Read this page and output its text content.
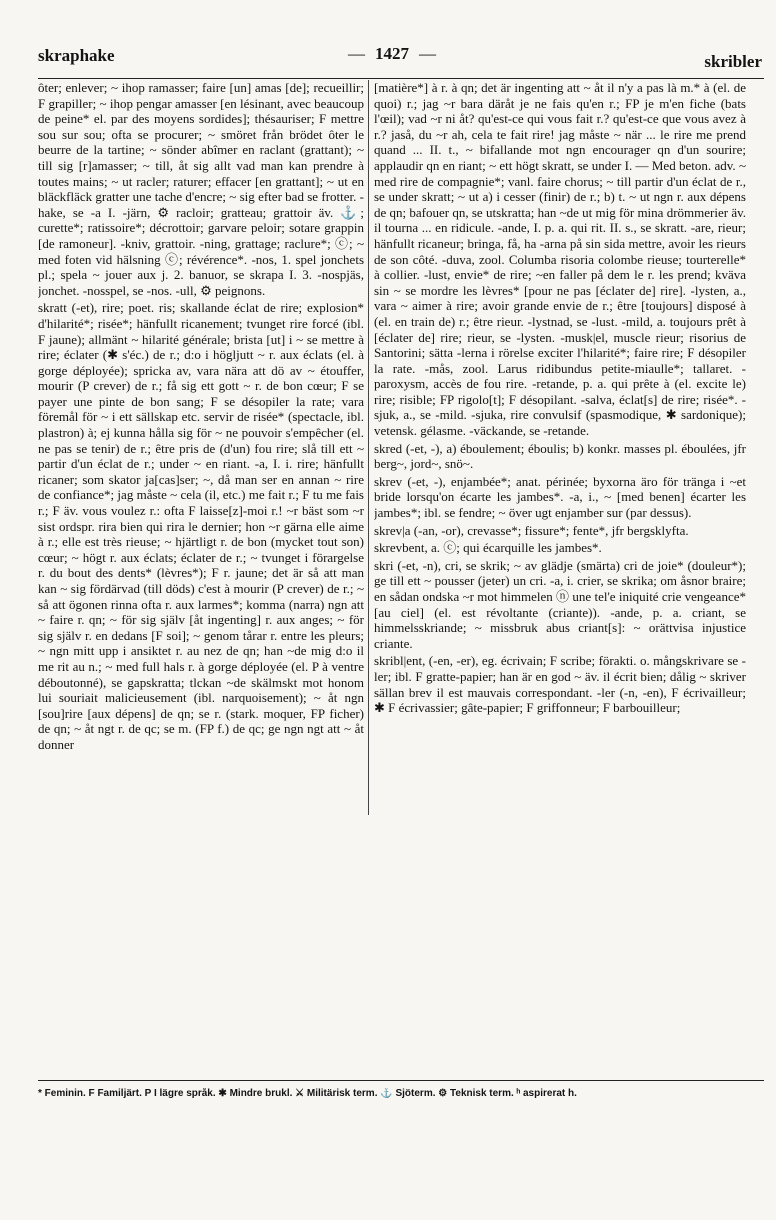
skraphake	— 1427 —	skribler

ôter; enlever; ~ ihop ramasser; faire [un] amas [de]; recueillir; F grapiller; ~ ihop pengar amasser [en lésinant, avec beaucoup de peine* el. par des moyens sordides]; thésauriser; F mettre sou sur sou; ofta se procurer; ~ smöret från brödet ôter le beurre de la tartine; ~ sönder abîmer en raclant (grattant); ~ till sig [r]amasser; ~ till, åt sig allt vad man kan prendre à toutes mains; ~ ut racler; raturer; effacer [en grattant]; ~ ut en bläckfläck gratter une tache d'encre; ~ sig efter bad se frotter. -hake, se -a I. -järn, ⚙ racloir; gratteau; grattoir äv. ⚓; curette*; ratissoire*; décrottoir; garvare peloir; sotare grappin [de ramoneur]. -kniv, grattoir. -ning, grattage; raclure*; ⓒ; ~ med foten vid hälsning ⓒ; révérence*. -nos, 1. spel jonchets pl.; spela ~ jouer aux j. 2. banuor, se skrapa I. 3. -nospjäs, jonchet. -nosspel, se -nos. -ull, ⚙ peignons.

skratt (-et), rire; poet. ris; skallande éclat de rire; explosion* d'hilarité*; risée*; hänfullt ricanement; tvunget rire forcé (ibl. F jaune); allmänt ~ hilarité générale; brista [ut] i ~ se mettre à rire; éclater (✱ s'éc.) de r.; d:o i högljutt ~ r. aux éclats (el. à gorge déployée); spricka av, vara nära att dö av ~ étouffer, mourir (P crever) de r.; få sig ett gott ~ r. de bon cœur; F se payer une pinte de bon sang; F se désopiler la rate; vara föremål för ~ i ett sällskap etc. servir de risée* (spectacle, ibl. plastron) à; ej kunna hålla sig för ~ ne pouvoir s'empêcher (el. ne pas se tenir) de r.; être pris de (d'un) fou rire; slå till ett ~ partir d'un éclat de r.; under ~ en riant. -a, I. i. rire; hänfullt ricaner; som skator ja[cas]ser; ~, då man ser en annan ~ rire de confiance*; jag måste ~ cela (il, etc.) me fait r.; F tu me fais r.; F äv. vous voulez r.: ofta F laisse[z]-moi r.! ~r bäst som ~r sist ordspr. rira bien qui rira le dernier; hon ~r gärna elle aime à r.; elle est très rieuse; ~ hjärtligt r. de bon (mycket tout son) cœur; ~ högt r. aux éclats; éclater de r.; ~ tvunget i förargelse r. du bout des dents* (lèvres*); F r. jaune; det är så att man kan ~ sig fördärvad (till döds) c'est à mourir (P crever) de r.; ~ så att ögonen rinna ofta r. aux larmes*; komma (narra) ngn att ~ faire r. qn; ~ för sig själv [åt ingenting] r. aux anges; ~ för sig själv r. en dedans [F soi]; ~ genom tårar r. entre les pleurs; ~ ngn mitt upp i ansiktet r. au nez de qn; han ~de mig d:o il me rit au n.; ~ med full hals r. à gorge déployée (el. P à ventre déboutonné), se gapskratta; tlckan ~de skälmskt mot honom lui souriait malicieusement (ibl. narquoisement); ~ åt ngn [sou]rire [aux dépens] de qn; se r. (stark. moquer, FP ficher) de qn; ~ åt ngt r. de qc; se m. (FP f.) de qc; ge ngn ngt att ~ åt donner

[matière*] à r. à qn; det är ingenting att ~ åt il n'y a pas là m.* à (el. de quoi) r.; jag ~r bara däråt je ne fais qu'en r.; FP je m'en fiche (bats l'œil); vad ~r ni åt? qu'est-ce qui vous fait r.? qu'est-ce que vous avez à r.? jaså, du ~r ah, cela te fait rire! jag måste ~ när ... le rire me prend quand ... II. t., ~ bifallande mot ngn encourager qn d'un sourire; applaudir qn en riant; ~ ett högt skratt, se under I. — Med beton. adv. ~ med rire de compagnie*; vanl. faire chorus; ~ till partir d'un éclat de r., se under skratt; ~ ut a) i cesser (finir) de r.; b) t. ~ ut ngn r. aux dépens de qn; bafouer qn, se utskratta; han ~de ut mig för mina drömmerier äv. il tourna ... en ridicule. -ande, I. p. a. qui rit. II. s., se skratt. -are, rieur; hänfullt ricaneur; bringa, få, ha -arna på sin sida mettre, avoir les rieurs de son côté. -duva, zool. Columba risoria colombe rieuse; tourterelle* à collier. -lust, envie* de rire; ~en faller på dem le r. les prend; kväva sin ~ se mordre les lèvres* [pour ne pas [éclater de] rire]. -lysten, a., vara ~ aimer à rire; avoir grande envie de r.; être [toujours] disposé à (el. en train de) r.; être rieur. -lystnad, se -lust. -mild, a. toujours prêt à [éclater de] rire; rieur, se -lysten. -musk|el, muscle rieur; risorius de Santorini; sätta -lerna i rörelse exciter l'hilarité*; faire rire; F désopiler la rate. -mås, zool. Larus ridibundus petite-miaulle*; tallaret. -paroxysm, accès de fou rire. -retande, p. a. qui prête à (el. excite le) rire; risible; FP rigolo[t]; F désopilant. -salva, éclat[s] de rire; risée*. -sjuk, a., se -mild. -sjuka, rire convulsif (spasmodique, ✱ sardonique); vetensk. gélasme. -väckande, se -retande.

skred (-et, -), a) éboulement; éboulis; b) konkr. masses pl. éboulées, jfr berg~, jord~, snö~.

skrev (-et, -), enjambée*; anat. périnée; byxorna äro för tränga i ~et bride lorsqu'on écarte les jambes*. -a, i., ~ [med benen] écarter les jambes*; ibl. se fendre; ~ över ugt enjamber sur (par dessus).

skrev|a (-an, -or), crevasse*; fissure*; fente*, jfr bergsklyfta.

skrevbent, a. ⓒ; qui écarquille les jambes*.

skri (-et, -n), cri, se skrik; ~ av glädje (smärta) cri de joie* (douleur*); ge till ett ~ pousser (jeter) un cri. -a, i. crier, se skrika; om åsnor braire; en sådan ondska ~r mot himmelen ⓝ une tel'e iniquité crie vengeance* [au ciel] (el. est révoltante (criante)). -ande, p. a. criant, se himmelsskriande; ~ missbruk abus criant[s]: ~ orättvisa injustice criante.

skribl|ent, (-en, -er), eg. écrivain; F scribe; förakti. o. mångskrivare se -ler; ibl. F gratte-papier; han är en god ~ äv. il écrit bien; dålig ~ skriver sällan brev il est mauvais correspondant. -ler (-n, -en), F écrivailleur; ✱ F écrivassier; gâte-papier; F griffonneur; F barbouilleur;

* Feminin. F Familjärt. P I lägre språk. ✱ Mindre brukl. ⚔ Militärisk term. ⚓ Sjöterm. ⚙ Teknisk term. ʰ aspirerat h.
